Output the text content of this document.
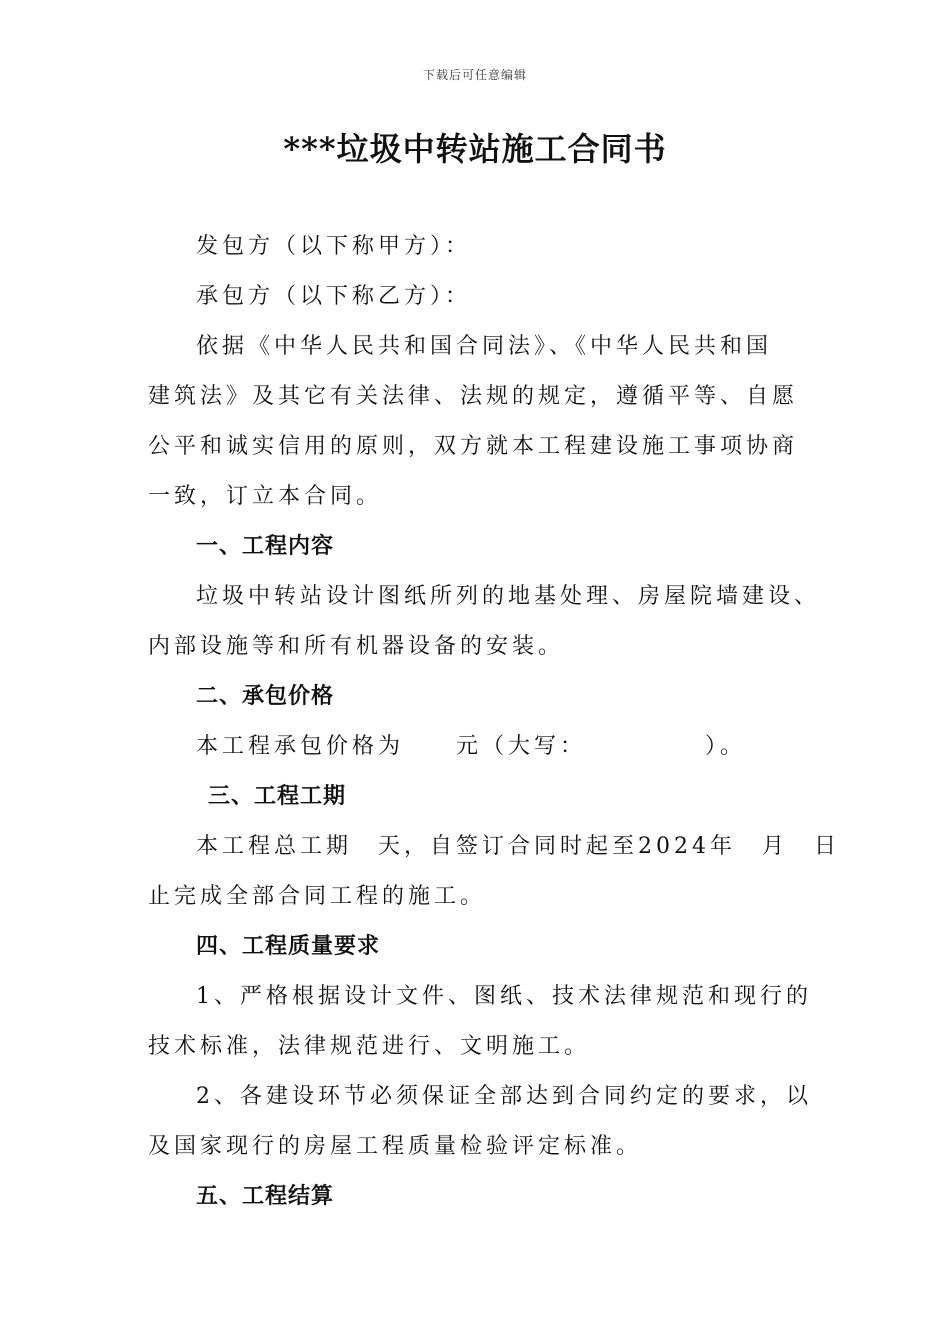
下载后可任意编辑
***垃圾中转站施工合同书
发包方（以下称甲方）：
承包方（以下称乙方）：
依据《中华人民共和国合同法》、《中华人民共和国
建筑法》及其它有关法律、法规的规定，遵循平等、自愿
公平和诚实信用的原则，双方就本工程建设施工事项协商
一致，订立本合同。
一、工程内容
垃圾中转站设计图纸所列的地基处理、房屋院墙建设、
内部设施等和所有机器设备的安装。
二、承包价格
本工程承包价格为　　元（大写：　　　　　）。
三、工程工期
本工程总工期　天，自签订合同时起至2024年　月　日
止完成全部合同工程的施工。
四、工程质量要求
1、严格根据设计文件、图纸、技术法律规范和现行的
技术标准，法律规范进行、文明施工。
2、各建设环节必须保证全部达到合同约定的要求，以
及国家现行的房屋工程质量检验评定标准。
五、工程结算
